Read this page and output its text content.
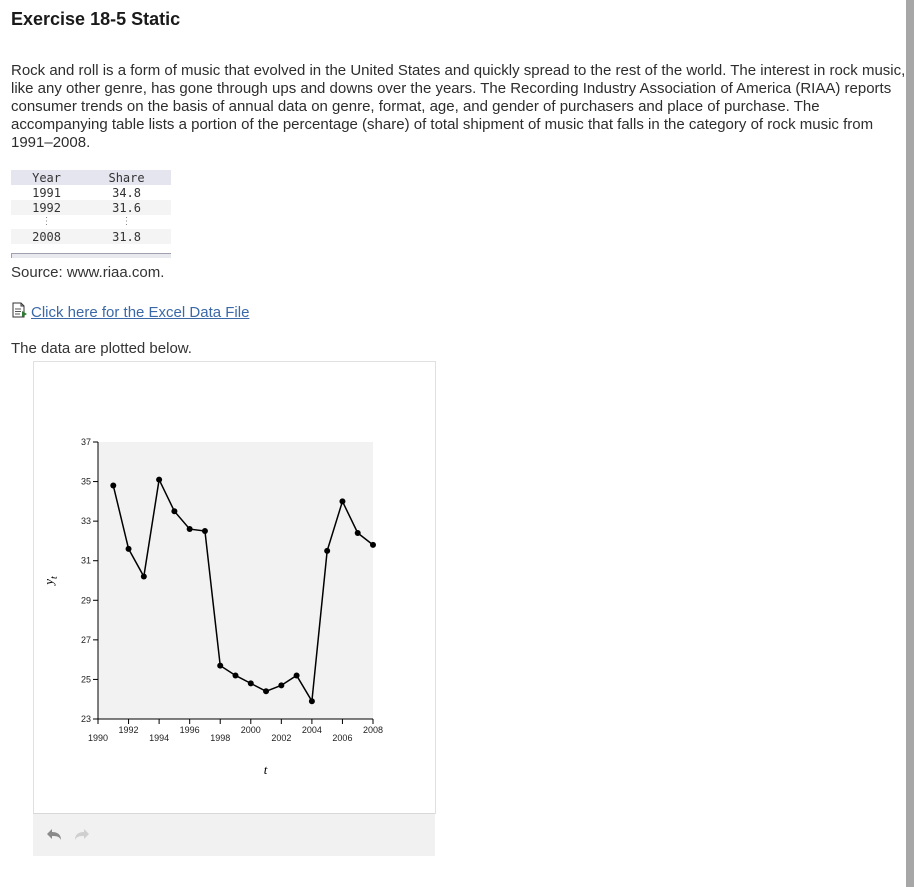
Exercise 18-5 Static

Rock and roll is a form of music that evolved in the United States and quickly spread to the rest of the world. The interest in rock music, like any other genre, has gone through ups and downs over the years. The Recording Industry Association of America (RIAA) reports consumer trends on the basis of annual data on genre, format, age, and gender of purchasers and place of purchase. The accompanying table lists a portion of the percentage (share) of total shipment of music that falls in the category of rock music from 1991–2008.

Year	Share
1991	34.8
1992	31.6
⋮	⋮
2008	31.8

Source: www.riaa.com.

Click here for the Excel Data File

The data are plotted below.

23
25
27
29
31
33
35
37
1990
1992
1994
1996
1998
2000
2002
2004
2006
2008
t
$y_t$
